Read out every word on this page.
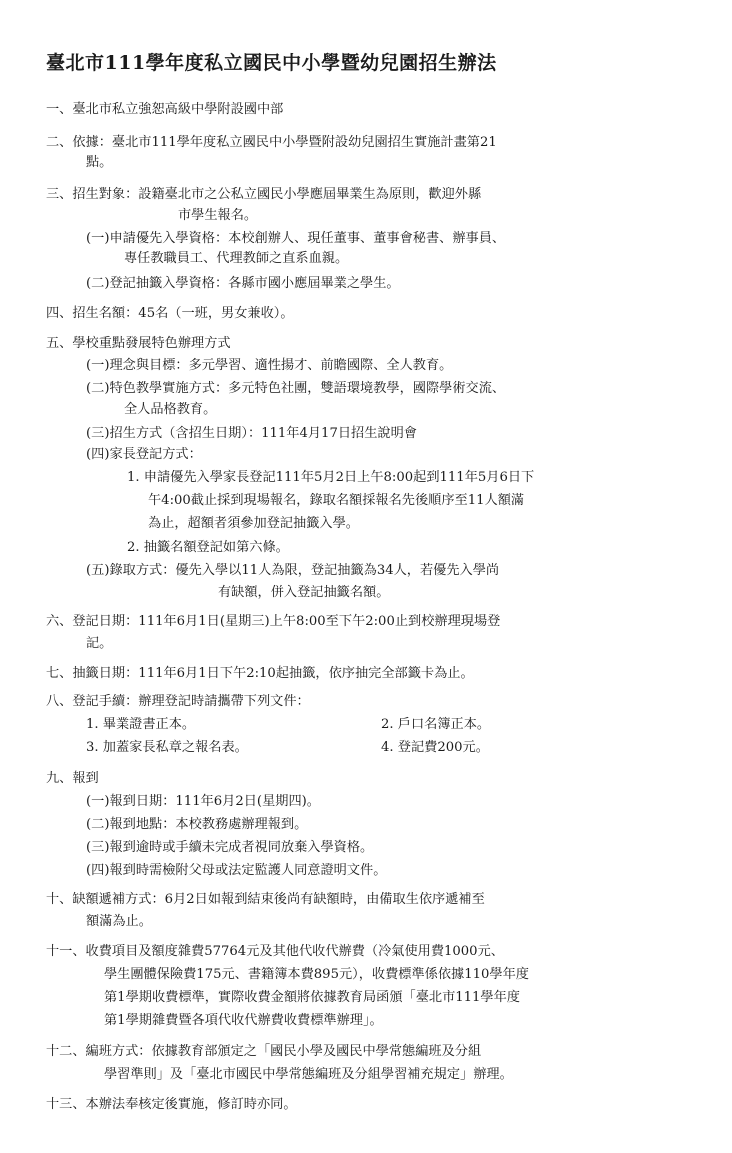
臺北市111學年度私立國民中小學暨幼兒園招生辦法
一、臺北市私立強恕高級中學附設國中部
二、依據：臺北市111學年度私立國民中小學暨附設幼兒園招生實施計畫第21
點。
三、招生對象：設籍臺北市之公私立國民小學應屆畢業生為原則，歡迎外縣
市學生報名。
(一)申請優先入學資格：本校創辦人、現任董事、董事會秘書、辦事員、
專任教職員工、代理教師之直系血親。
(二)登記抽籤入學資格：各縣市國小應屆畢業之學生。
四、招生名額：45名（一班，男女兼收）。
五、學校重點發展特色辦理方式
(一)理念與目標：多元學習、適性揚才、前瞻國際、全人教育。
(二)特色教學實施方式：多元特色社團，雙語環境教學，國際學術交流、
全人品格教育。
(三)招生方式（含招生日期）：111年4月17日招生說明會
(四)家長登記方式：
1. 申請優先入學家長登記111年5月2日上午8:00起到111年5月6日下
午4:00截止採到現場報名，錄取名額採報名先後順序至11人額滿
為止，超額者須參加登記抽籤入學。
2. 抽籤名額登記如第六條。
(五)錄取方式：優先入學以11人為限，登記抽籤為34人，若優先入學尚
有缺額，併入登記抽籤名額。
六、登記日期：111年6月1日(星期三)上午8:00至下午2:00止到校辦理現場登
記。
七、抽籤日期：111年6月1日下午2:10起抽籤，依序抽完全部籤卡為止。
八、登記手續：辦理登記時請攜帶下列文件：
1. 畢業證書正本。	2. 戶口名簿正本。
3. 加蓋家長私章之報名表。	4. 登記費200元。
九、報到
(一)報到日期：111年6月2日(星期四)。
(二)報到地點：本校教務處辦理報到。
(三)報到逾時或手續未完成者視同放棄入學資格。
(四)報到時需檢附父母或法定監護人同意證明文件。
十、缺額遞補方式：6月2日如報到結束後尚有缺額時，由備取生依序遞補至
額滿為止。
十一、收費項目及額度雜費57764元及其他代收代辦費（冷氣使用費1000元、
學生團體保險費175元、書籍簿本費895元），收費標準係依據110學年度
第1學期收費標準，實際收費金額將依據教育局函頒「臺北市111學年度
第1學期雜費暨各項代收代辦費收費標準辦理」。
十二、編班方式：依據教育部頒定之「國民小學及國民中學常態編班及分組
學習準則」及「臺北市國民中學常態編班及分組學習補充規定」辦理。
十三、本辦法奉核定後實施，修訂時亦同。
